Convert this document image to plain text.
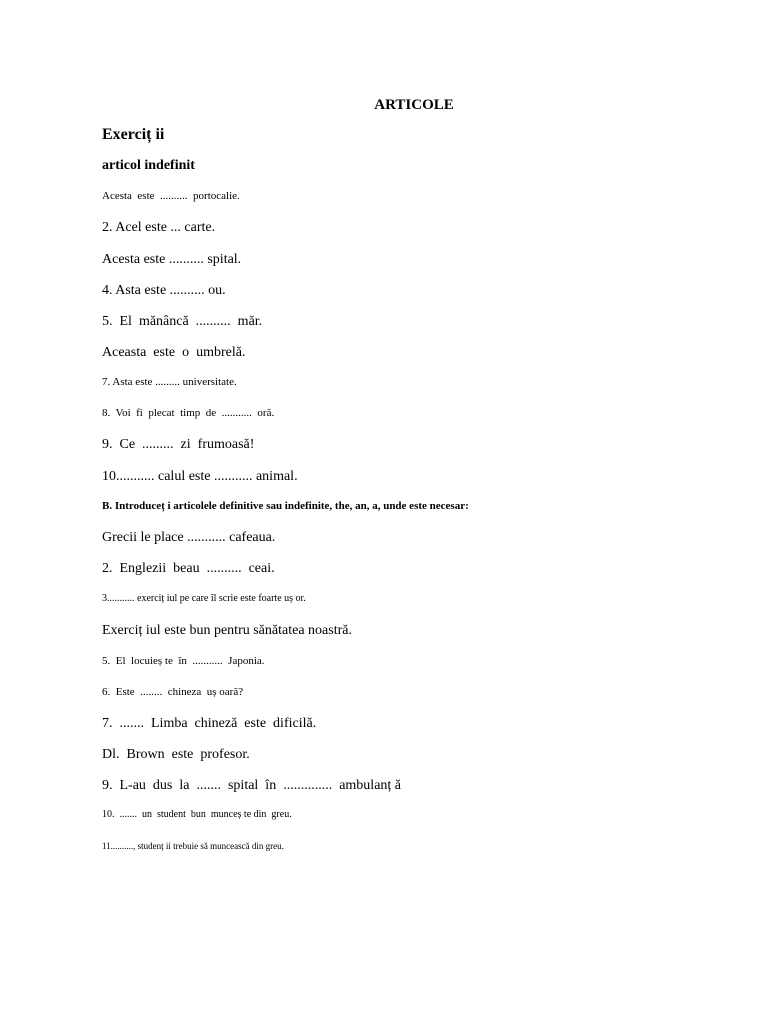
ARTICOLE
Exerciț ii
articol indefinit
Acesta  este  ..........  portocalie.
2. Acel este ... carte.
Acesta este .......... spital.
4. Asta este .......... ou.
5.  El  mănâncă  ..........  măr.
Aceasta  este  o  umbrelă.
7. Asta este ......... universitate.
8.  Voi  fi  plecat  timp  de  ...........  oră.
9.  Ce  .........  zi  frumoasă!
10........... calul este ........... animal.
B. Introduceț i articolele definitive sau indefinite, the, an, a, unde este necesar:
Grecii le place ........... cafeaua.
2.  Englezii  beau  ..........  ceai.
3........... exerciț iul pe care îl scrie este foarte uș or.
Exerciț iul este bun pentru sănătatea noastră.
5.  El  locuieș te  în  ...........  Japonia.
6.  Este  ........  chineza  uș oară?
7.  .......  Limba  chineză  este  dificilă.
Dl.  Brown  este  profesor.
9.  L-au  dus  la  .......  spital  în  ..............  ambulanț ă
10.  .......  un  student  bun  munceș te din  greu.
11.........., studenț ii trebuie să muncească din greu.
